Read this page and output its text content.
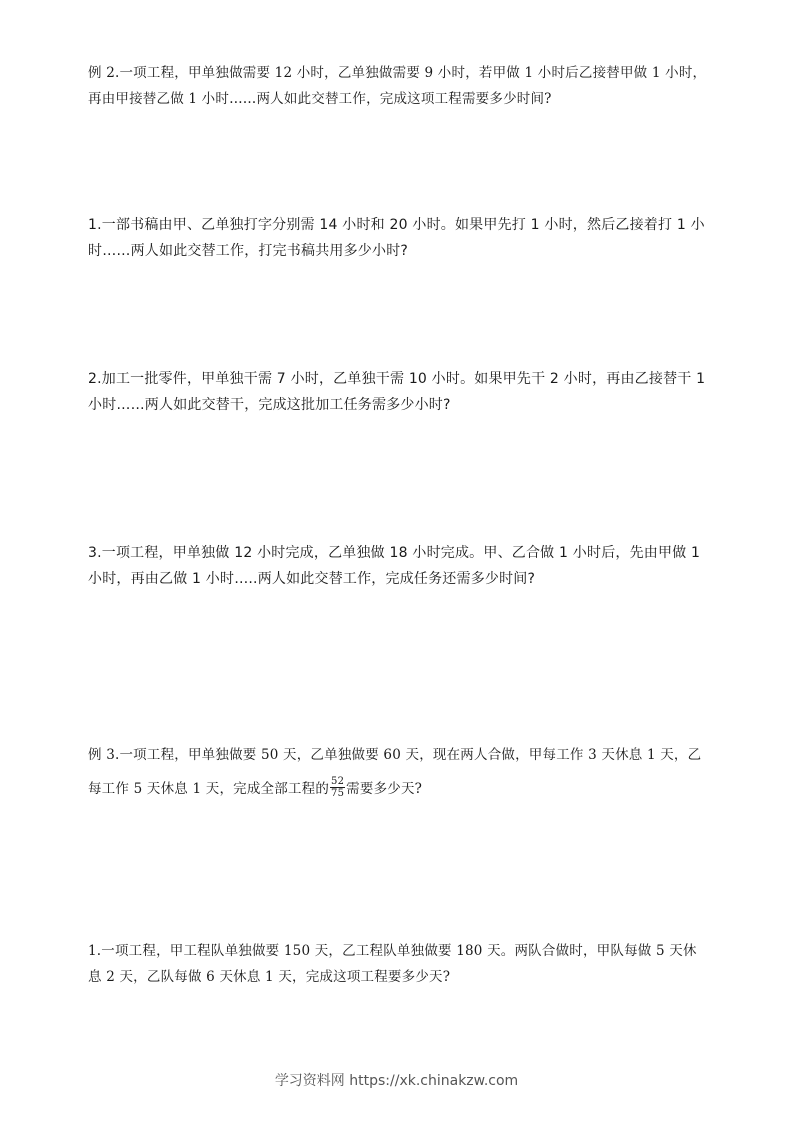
例 2.一项工程，甲单独做需要 12 小时，乙单独做需要 9 小时，若甲做 1 小时后乙接替甲做 1 小时，再由甲接替乙做 1 小时……两人如此交替工作，完成这项工程需要多少时间?

1.一部书稿由甲、乙单独打字分别需 14 小时和 20 小时。如果甲先打 1 小时，然后乙接着打 1 小时……两人如此交替工作，打完书稿共用多少小时?

2.加工一批零件，甲单独干需 7 小时，乙单独干需 10 小时。如果甲先干 2 小时，再由乙接替干 1 小时……两人如此交替干，完成这批加工任务需多少小时?

3.一项工程，甲单独做 12 小时完成，乙单独做 18 小时完成。甲、乙合做 1 小时后，先由甲做 1 小时，再由乙做 1 小时…..两人如此交替工作，完成任务还需多少时间?

例 3.一项工程，甲单独做要 50 天，乙单独做要 60 天，现在两人合做，甲每工作 3 天休息 1 天，乙每工作 5 天休息 1 天，完成全部工程的 $\frac{52}{75}$ 需要多少天?

1.一项工程，甲工程队单独做要 150 天，乙工程队单独做要 180 天。两队合做时，甲队每做 5 天休息 2 天，乙队每做 6 天休息 1 天，完成这项工程要多少天?

学习资料网 https://xk.chinakzw.com
